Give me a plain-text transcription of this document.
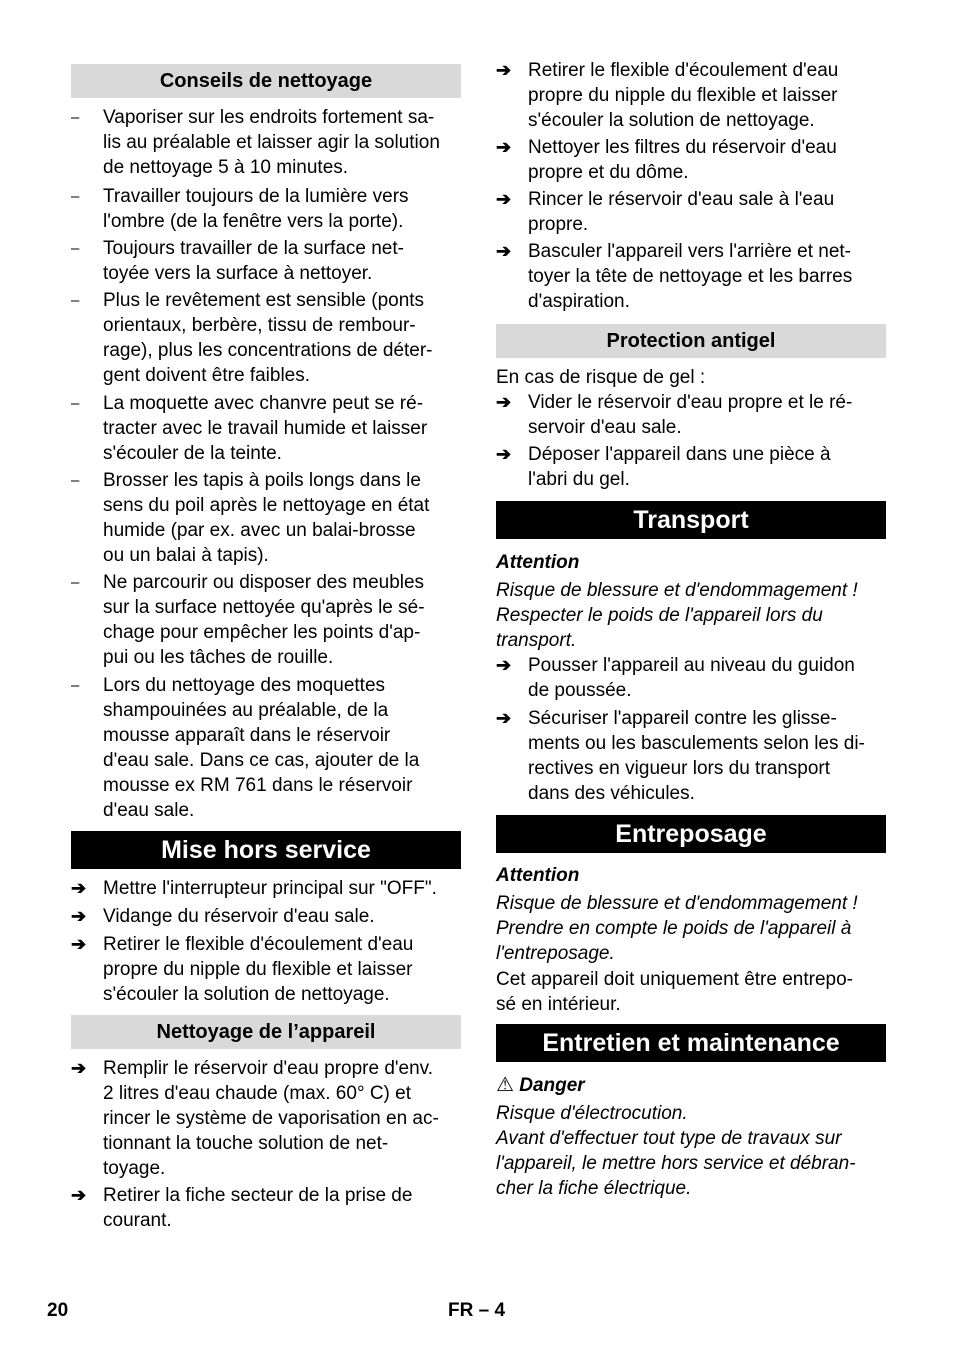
Conseils de nettoyage
–	Vaporiser sur les endroits fortement sa-
lis au préalable et laisser agir la solution
de nettoyage 5 à 10 minutes.
–	Travailler toujours de la lumière vers
l'ombre (de la fenêtre vers la porte).
–	Toujours travailler de la surface net-
toyée vers la surface à nettoyer.
–	Plus le revêtement est sensible (ponts
orientaux, berbère, tissu de rembour-
rage), plus les concentrations de déter-
gent doivent être faibles.
–	La moquette avec chanvre peut se ré-
tracter avec le travail humide et laisser
s'écouler de la teinte.
–	Brosser les tapis à poils longs dans le
sens du poil après le nettoyage en état
humide (par ex. avec un balai-brosse
ou un balai à tapis).
–	Ne parcourir ou disposer des meubles
sur la surface nettoyée qu'après le sé-
chage pour empêcher les points d'ap-
pui ou les tâches de rouille.
–	Lors du nettoyage des moquettes
shampouinées au préalable, de la
mousse apparaît dans le réservoir
d'eau sale. Dans ce cas, ajouter de la
mousse ex RM 761 dans le réservoir
d'eau sale.
Mise hors service
➔ Mettre l'interrupteur principal sur "OFF".
➔ Vidange du réservoir d'eau sale.
➔ Retirer le flexible d'écoulement d'eau
propre du nipple du flexible et laisser
s'écouler la solution de nettoyage.
Nettoyage de l’appareil
➔ Remplir le réservoir d'eau propre d'env.
2 litres d'eau chaude (max. 60° C) et
rincer le système de vaporisation en ac-
tionnant la touche solution de net-
toyage.
➔ Retirer la fiche secteur de la prise de
courant.
➔ Retirer le flexible d'écoulement d'eau
propre du nipple du flexible et laisser
s'écouler la solution de nettoyage.
➔ Nettoyer les filtres du réservoir d'eau
propre et du dôme.
➔ Rincer le réservoir d'eau sale à l'eau
propre.
➔ Basculer l'appareil vers l'arrière et net-
toyer la tête de nettoyage et les barres
d'aspiration.
Protection antigel
En cas de risque de gel :
➔ Vider le réservoir d'eau propre et le ré-
servoir d'eau sale.
➔ Déposer l'appareil dans une pièce à
l'abri du gel.
Transport
Attention
Risque de blessure et d'endommagement !
Respecter le poids de l'appareil lors du
transport.
➔ Pousser l'appareil au niveau du guidon
de poussée.
➔ Sécuriser l'appareil contre les glisse-
ments ou les basculements selon les di-
rectives en vigueur lors du transport
dans des véhicules.
Entreposage
Attention
Risque de blessure et d'endommagement !
Prendre en compte le poids de l'appareil à
l'entreposage.
Cet appareil doit uniquement être entrepo-
sé en intérieur.
Entretien et maintenance
⚠ Danger
Risque d'électrocution.
Avant d'effectuer tout type de travaux sur
l'appareil, le mettre hors service et débran-
cher la fiche électrique.
20	FR – 4
